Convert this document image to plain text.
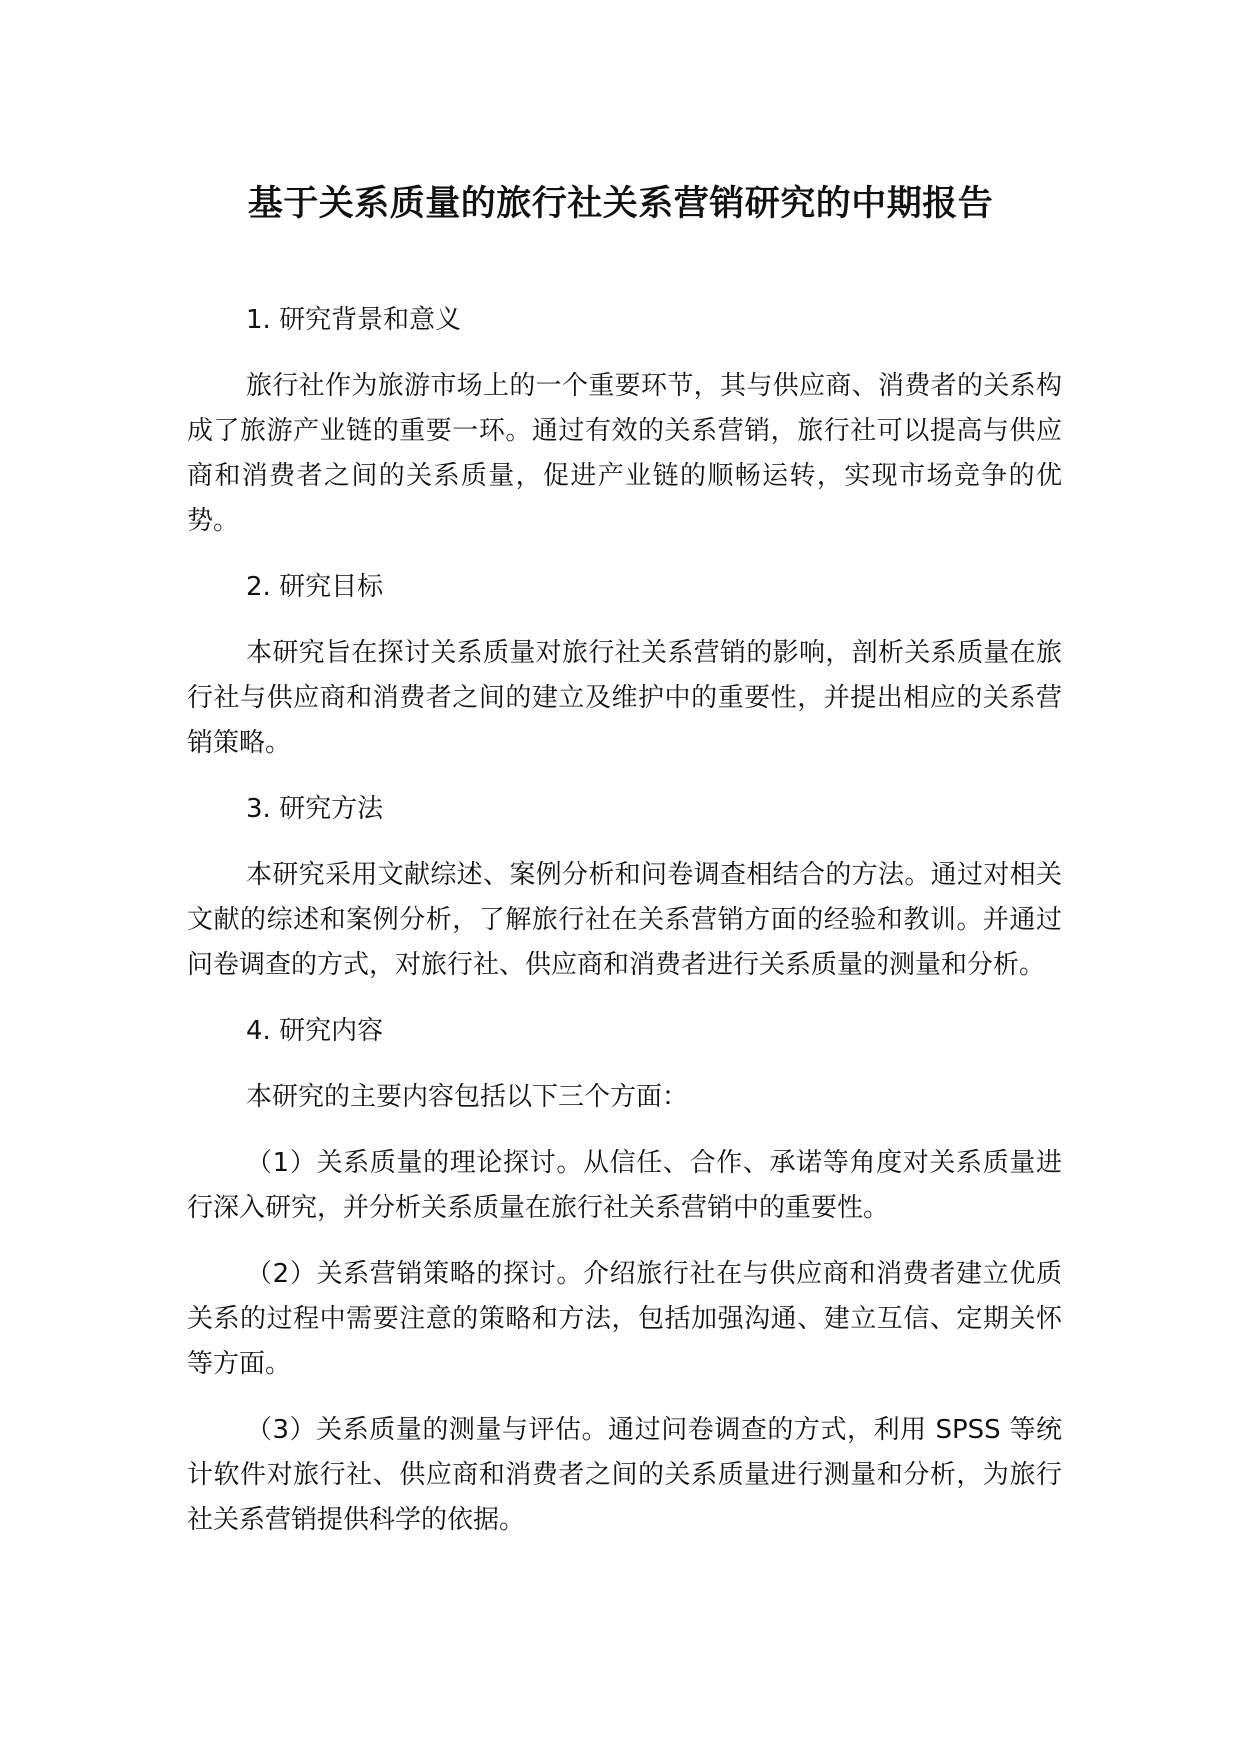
基于关系质量的旅行社关系营销研究的中期报告
1. 研究背景和意义

旅行社作为旅游市场上的一个重要环节，其与供应商、消费者的关系构成了旅游产业链的重要一环。通过有效的关系营销，旅行社可以提高与供应商和消费者之间的关系质量，促进产业链的顺畅运转，实现市场竞争的优势。

2. 研究目标

本研究旨在探讨关系质量对旅行社关系营销的影响，剖析关系质量在旅行社与供应商和消费者之间的建立及维护中的重要性，并提出相应的关系营销策略。

3. 研究方法

本研究采用文献综述、案例分析和问卷调查相结合的方法。通过对相关文献的综述和案例分析，了解旅行社在关系营销方面的经验和教训。并通过问卷调查的方式，对旅行社、供应商和消费者进行关系质量的测量和分析。

4. 研究内容

本研究的主要内容包括以下三个方面：

（1）关系质量的理论探讨。从信任、合作、承诺等角度对关系质量进行深入研究，并分析关系质量在旅行社关系营销中的重要性。

（2）关系营销策略的探讨。介绍旅行社在与供应商和消费者建立优质关系的过程中需要注意的策略和方法，包括加强沟通、建立互信、定期关怀等方面。

（3）关系质量的测量与评估。通过问卷调查的方式，利用 SPSS 等统计软件对旅行社、供应商和消费者之间的关系质量进行测量和分析，为旅行社关系营销提供科学的依据。
